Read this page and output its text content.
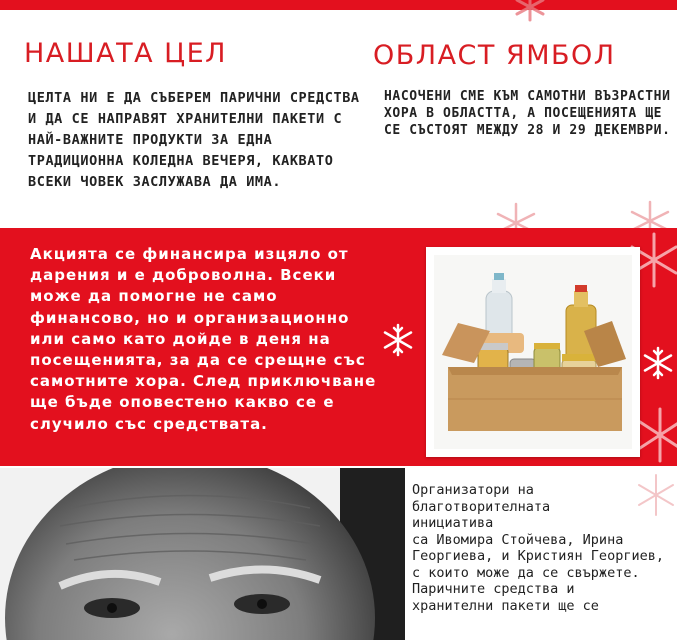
НАШАТА ЦЕЛ

ЦЕЛТА НИ Е ДА СЪБЕРЕМ ПАРИЧНИ СРЕДСТВА И ДА СЕ НАПРАВЯТ ХРАНИТЕЛНИ ПАКЕТИ С НАЙ-ВАЖНИТЕ ПРОДУКТИ ЗА ЕДНА ТРАДИЦИОННА КОЛЕДНА ВЕЧЕРЯ, КАКВАТО ВСЕКИ ЧОВЕК ЗАСЛУЖАВА ДА ИМА.

ОБЛАСТ ЯМБОЛ

НАСОЧЕНИ СМЕ КЪМ САМОТНИ ВЪЗРАСТНИ ХОРА В ОБЛАСТТА, А ПОСЕЩЕНИЯТА ЩЕ СЕ СЪСТОЯТ МЕЖДУ 28 И 29 ДЕКЕМВРИ.

Акцията се финансира изцяло от дарения и е доброволна. Всеки може да помогне не само финансово, но и организационно или само като дойде в деня на посещенията, за да се срещне със самотните хора. След приключване ще бъде оповестено какво се е случило със средствата.

Организатори на
благотворителната
инициатива
са Ивомира Стойчева, Ирина Георгиева, и Кристиян Георгиев, с които може да се свържете.
Паричните средства и
хранителни пакети ще се
